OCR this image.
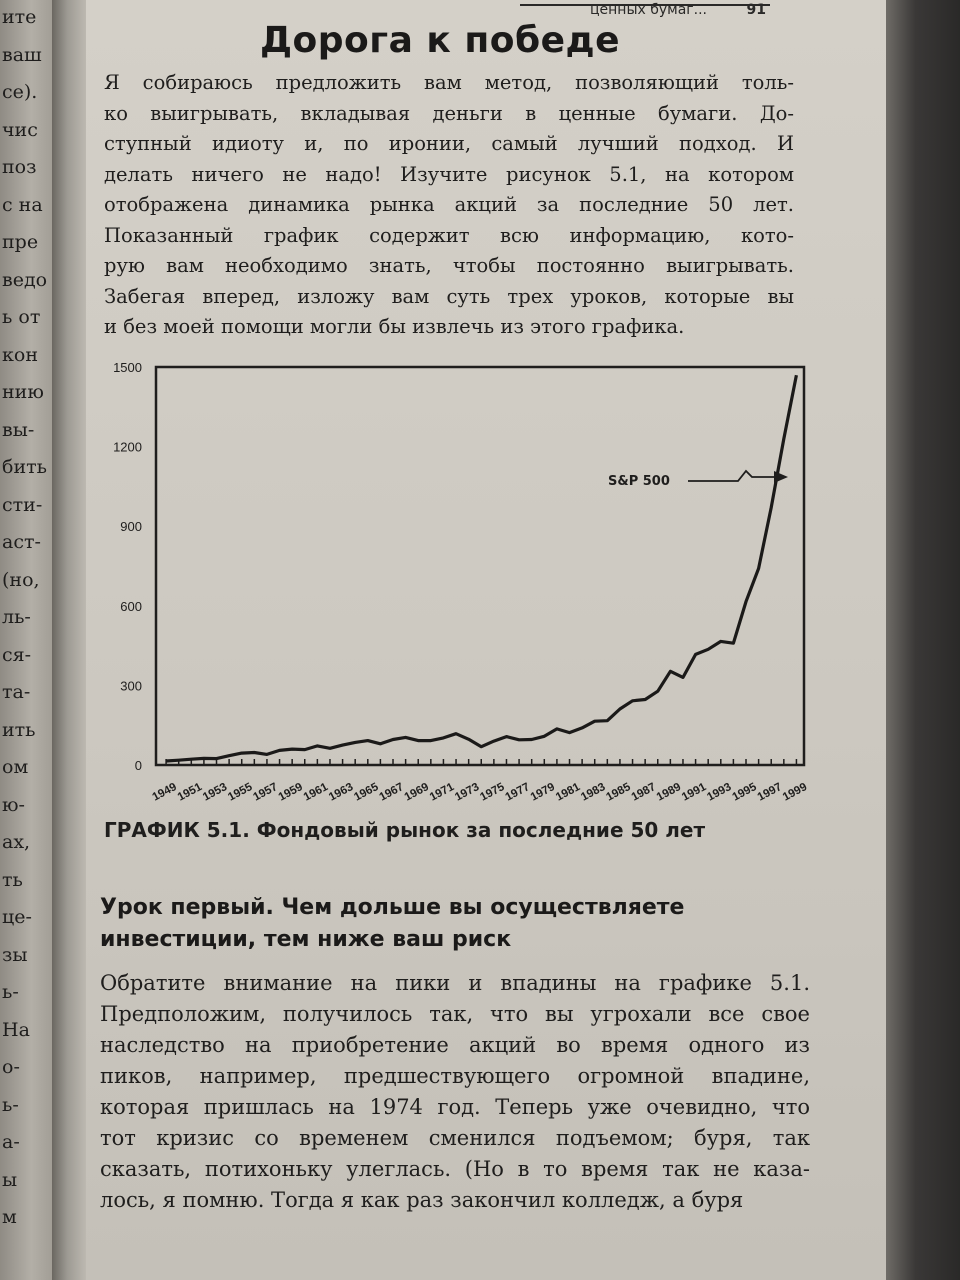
ите
ваш
се).
чис
поз
с на
пре
ведо
ь от
кон
нию
вы-
бить
сти-
аст-
(но,
ль-
ся-
та-
ить
ом
ю-
ах,
ть
це-
зы
ь-
На
о-
ь-
а-
ы
м
ценных бумаг...	91
Дорога к победе
Я собираюсь предложить вам метод, позволяющий толь-
ко выигрывать, вкладывая деньги в ценные бумаги. До-
ступный идиоту и, по иронии, самый лучший подход. И
делать ничего не надо! Изучите рисунок 5.1, на котором
отображена динамика рынка акций за последние 50 лет.
Показанный график содержит всю информацию, кото-
рую вам необходимо знать, чтобы постоянно выигрывать.
Забегая вперед, изложу вам суть трех уроков, которые вы
и без моей помощи могли бы извлечь из этого графика.
1500
1200
900
600
300
0
1949
1951
1953
1955
1957
1959
1961
1963
1965
1967
1969
1971
1973
1975
1977
1979
1981
1983
1985
1987
1989
1991
1993
1995
1997
1999
S&P 500
ГРАФИК 5.1. Фондовый рынок за последние 50 лет
Урок первый. Чем дольше вы осуществляете
инвестиции, тем ниже ваш риск
Обратите внимание на пики и впадины на графике 5.1.
Предположим, получилось так, что вы угрохали все свое
наследство на приобретение акций во время одного из
пиков, например, предшествующего огромной впадине,
которая пришлась на 1974 год. Теперь уже очевидно, что
тот кризис со временем сменился подъемом; буря, так
сказать, потихоньку улеглась. (Но в то время так не каза-
лось, я помню. Тогда я как раз закончил колледж, а буря
